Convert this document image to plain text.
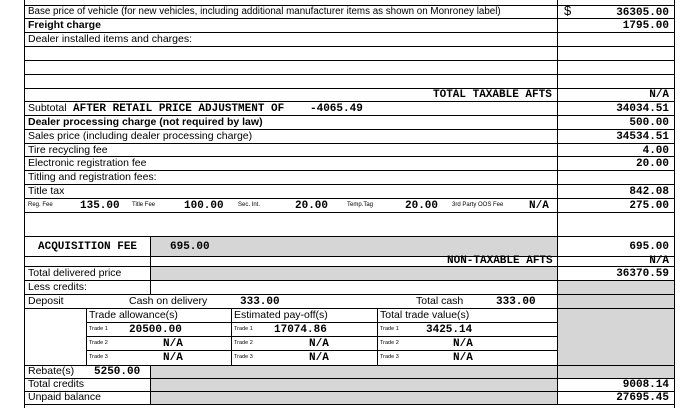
Base price of vehicle (for new vehicles, including additional manufacturer items as shown on Monroney label)	$	36305.00
Freight charge	1795.00
Dealer installed items and charges:
TOTAL TAXABLE AFTS	N/A
Subtotal AFTER RETAIL PRICE ADJUSTMENT OF -4065.49	34034.51
Dealer processing charge (not required by law)	500.00
Sales price (including dealer processing charge)	34534.51
Tire recycling fee	4.00
Electronic registration fee	20.00
Titling and registration fees:
Title tax	842.08
Reg. Fee 135.00 Title Fee	100.00 Sec. Int.	20.00	Temp.Tag	20.00 3rd Party OOS Fee N/A	275.00
ACQUISITION FEE	695.00	695.00
NON-TAXABLE AFTS	N/A
Total delivered price	36370.59
Less credits:
Deposit	Cash on delivery	333.00	Total cash	333.00
Trade allowance(s)	Estimated pay-off(s)	Total trade value(s)
Trade 1 20500.00	Trade 1 17074.86	Trade 1 3425.14
Trade 2	N/A	Trade 2	N/A	Trade 2	N/A
Trade 3	N/A	Trade 3	N/A	Trade 3	N/A
Rebate(s) 5250.00
Total credits	9008.14
Unpaid balance	27695.45
